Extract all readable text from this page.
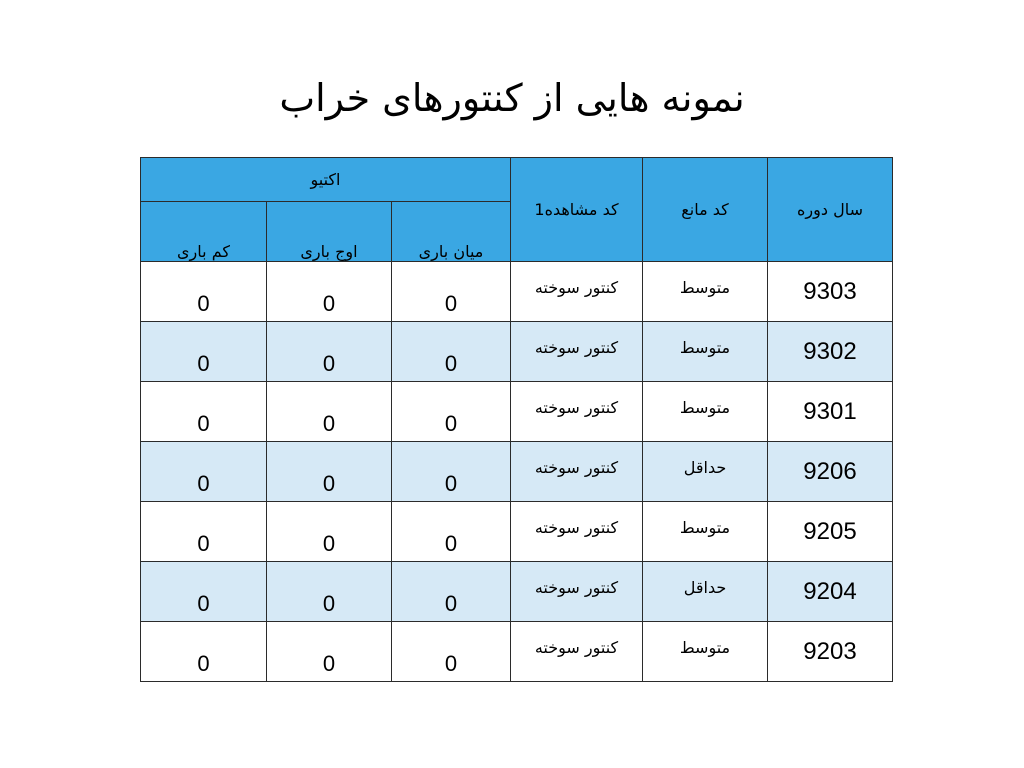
نمونه هایی از کنتورهای خراب
سال دوره	کد مانع	کد مشاهده1	اکتیو		
			میان باری	اوج باری	کم باری
9303	متوسط	کنتور سوخته	0	0	0
9302	متوسط	کنتور سوخته	0	0	0
9301	متوسط	کنتور سوخته	0	0	0
9206	حداقل	کنتور سوخته	0	0	0
9205	متوسط	کنتور سوخته	0	0	0
9204	حداقل	کنتور سوخته	0	0	0
9203	متوسط	کنتور سوخته	0	0	0
